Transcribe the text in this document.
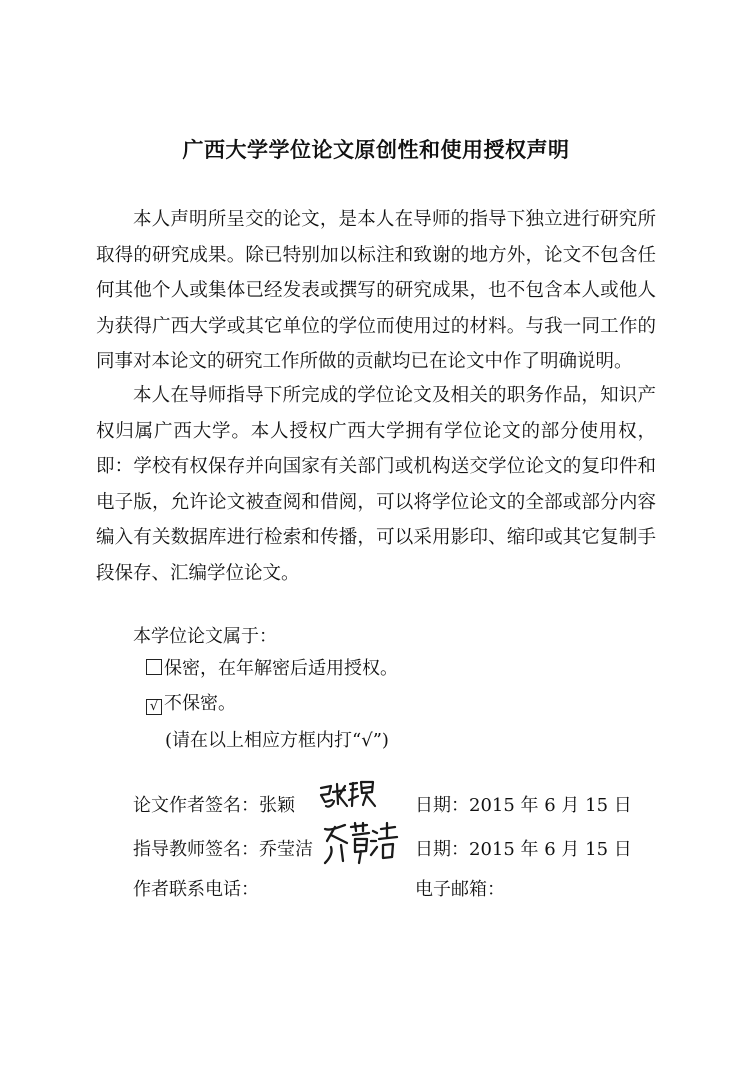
广西大学学位论文原创性和使用授权声明
本人声明所呈交的论文，是本人在导师的指导下独立进行研究所取得的研究成果。除已特别加以标注和致谢的地方外，论文不包含任何其他个人或集体已经发表或撰写的研究成果，也不包含本人或他人为获得广西大学或其它单位的学位而使用过的材料。与我一同工作的同事对本论文的研究工作所做的贡献均已在论文中作了明确说明。
本人在导师指导下所完成的学位论文及相关的职务作品，知识产权归属广西大学。本人授权广西大学拥有学位论文的部分使用权，即：学校有权保存并向国家有关部门或机构送交学位论文的复印件和电子版，允许论文被查阅和借阅，可以将学位论文的全部或部分内容编入有关数据库进行检索和传播，可以采用影印、缩印或其它复制手段保存、汇编学位论文。
本学位论文属于：
保密，在年解密后适用授权。
√ 不保密。
(请在以上相应方框内打“√”)
论文作者签名：张颖	日期：2015 年 6 月 15 日
指导教师签名：乔莹洁	日期：2015 年 6 月 15 日
作者联系电话：	电子邮箱：
